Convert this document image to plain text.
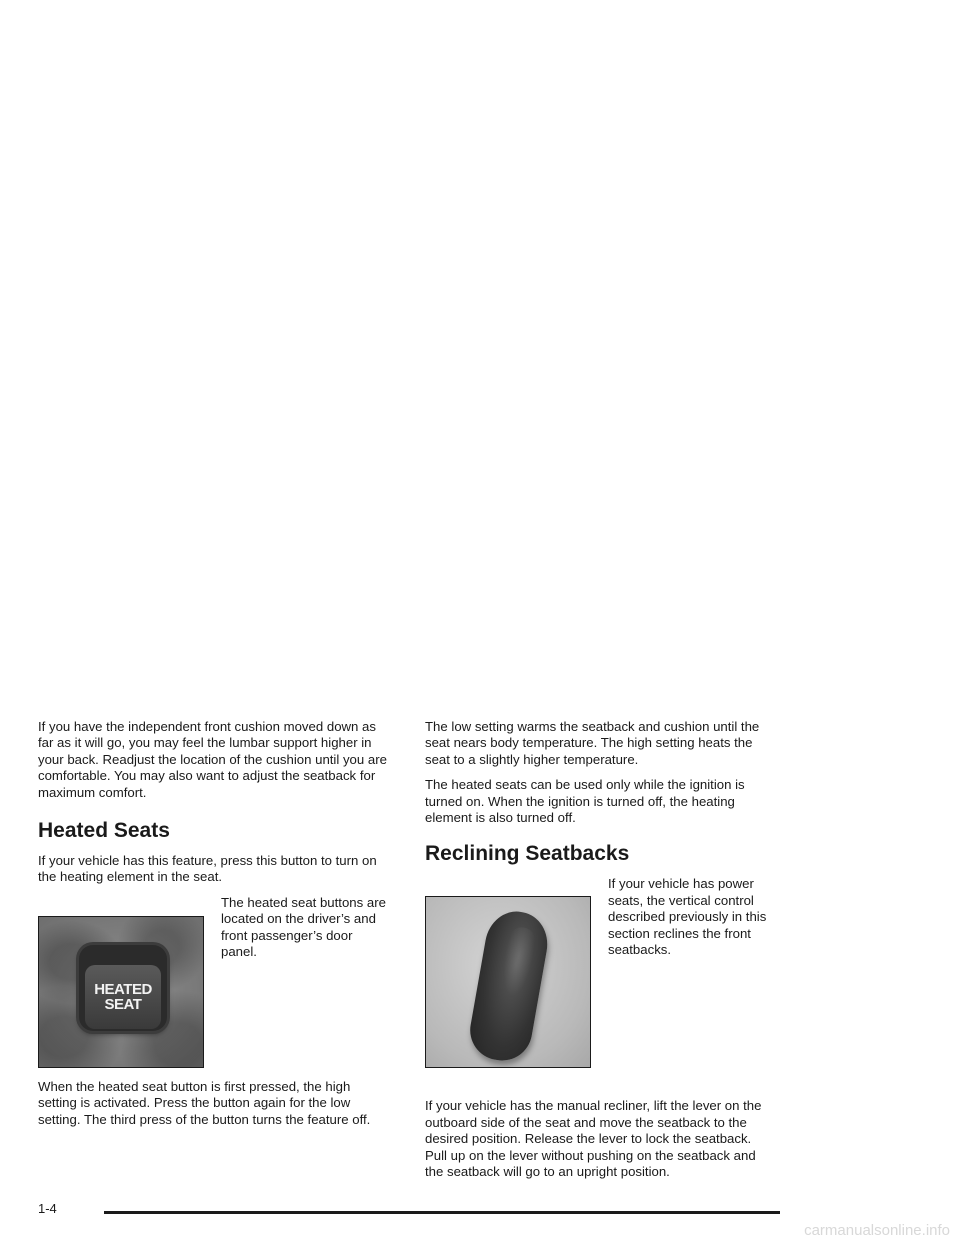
If you have the independent front cushion moved down as far as it will go, you may feel the lumbar support higher in your back. Readjust the location of the cushion until you are comfortable. You may also want to adjust the seatback for maximum comfort.

Heated Seats

If your vehicle has this feature, press this button to turn on the heating element in the seat.

HEATED
SEAT
The heated seat buttons are located on the driver’s and front passenger’s door panel.

When the heated seat button is first pressed, the high setting is activated. Press the button again for the low setting. The third press of the button turns the feature off.

The low setting warms the seatback and cushion until the seat nears body temperature. The high setting heats the seat to a slightly higher temperature.

The heated seats can be used only while the ignition is turned on. When the ignition is turned off, the heating element is also turned off.

Reclining Seatbacks
If your vehicle has power seats, the vertical control described previously in this section reclines the front seatbacks.

If your vehicle has the manual recliner, lift the lever on the outboard side of the seat and move the seatback to the desired position. Release the lever to lock the seatback. Pull up on the lever without pushing on the seatback and the seatback will go to an upright position.

1-4
carmanualsonline.info
